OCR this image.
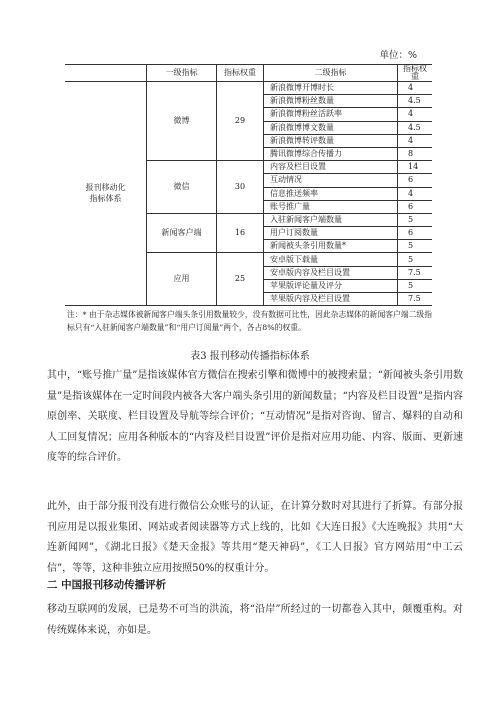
单位：%
	一级指标	指标权重	二级指标	指标权重
报刊移动化
指标体系	微博	29	新浪微博开博时长	4
			新浪微博粉丝数量	4.5
			新浪微博粉丝活跃率	4
			新浪微博博文数量	4.5
			新浪微博转评数量	4
			腾讯微博综合传播力	8
	微信	30	内容及栏目设置	14
			互动情况	6
			信息推送频率	4
			账号推广量	6
	新闻客户端	16	入驻新闻客户端数量	5
			用户订阅数量	6
			新闻被头条引用数量*	5
	应用	25	安卓版下载量	5
			安卓版内容及栏目设置	7.5
			苹果版评论量及评分	5
			苹果版内容及栏目设置	7.5
注：* 由于杂志媒体被新闻客户端头条引用数量较少，没有数据可比性，因此杂志媒体的新闻客户端二级指标只有“入驻新闻客户端数量”和“用户订阅量”两个，各占8%的权重。
表3 报刊移动传播指标体系

其中，“账号推广量”是指该媒体官方微信在搜索引擎和微博中的被搜索量；“新闻被头条引用数量”是指该媒体在一定时间段内被各大客户端头条引用的新闻数量；“内容及栏目设置”是指内容原创率、关联度、栏目设置及导航等综合评价；“互动情况”是指对咨询、留言、爆料的自动和人工回复情况；应用各种版本的“内容及栏目设置”评价是指对应用功能、内容、版面、更新速度等的综合评价。

此外，由于部分报刊没有进行微信公众账号的认证，在计算分数时对其进行了折算。有部分报刊应用是以报业集团、网站或者阅读器等方式上线的，比如《大连日报》《大连晚报》共用“大连新闻网”，《湖北日报》《楚天金报》等共用“楚天神码”，《工人日报》官方网站用“中工云信”，等等，这种非独立应用按照50%的权重计分。

二 中国报刊移动传播评析

移动互联网的发展，已是势不可当的洪流，将“沿岸”所经过的一切都卷入其中，颠覆重构。对传统媒体来说，亦如是。
